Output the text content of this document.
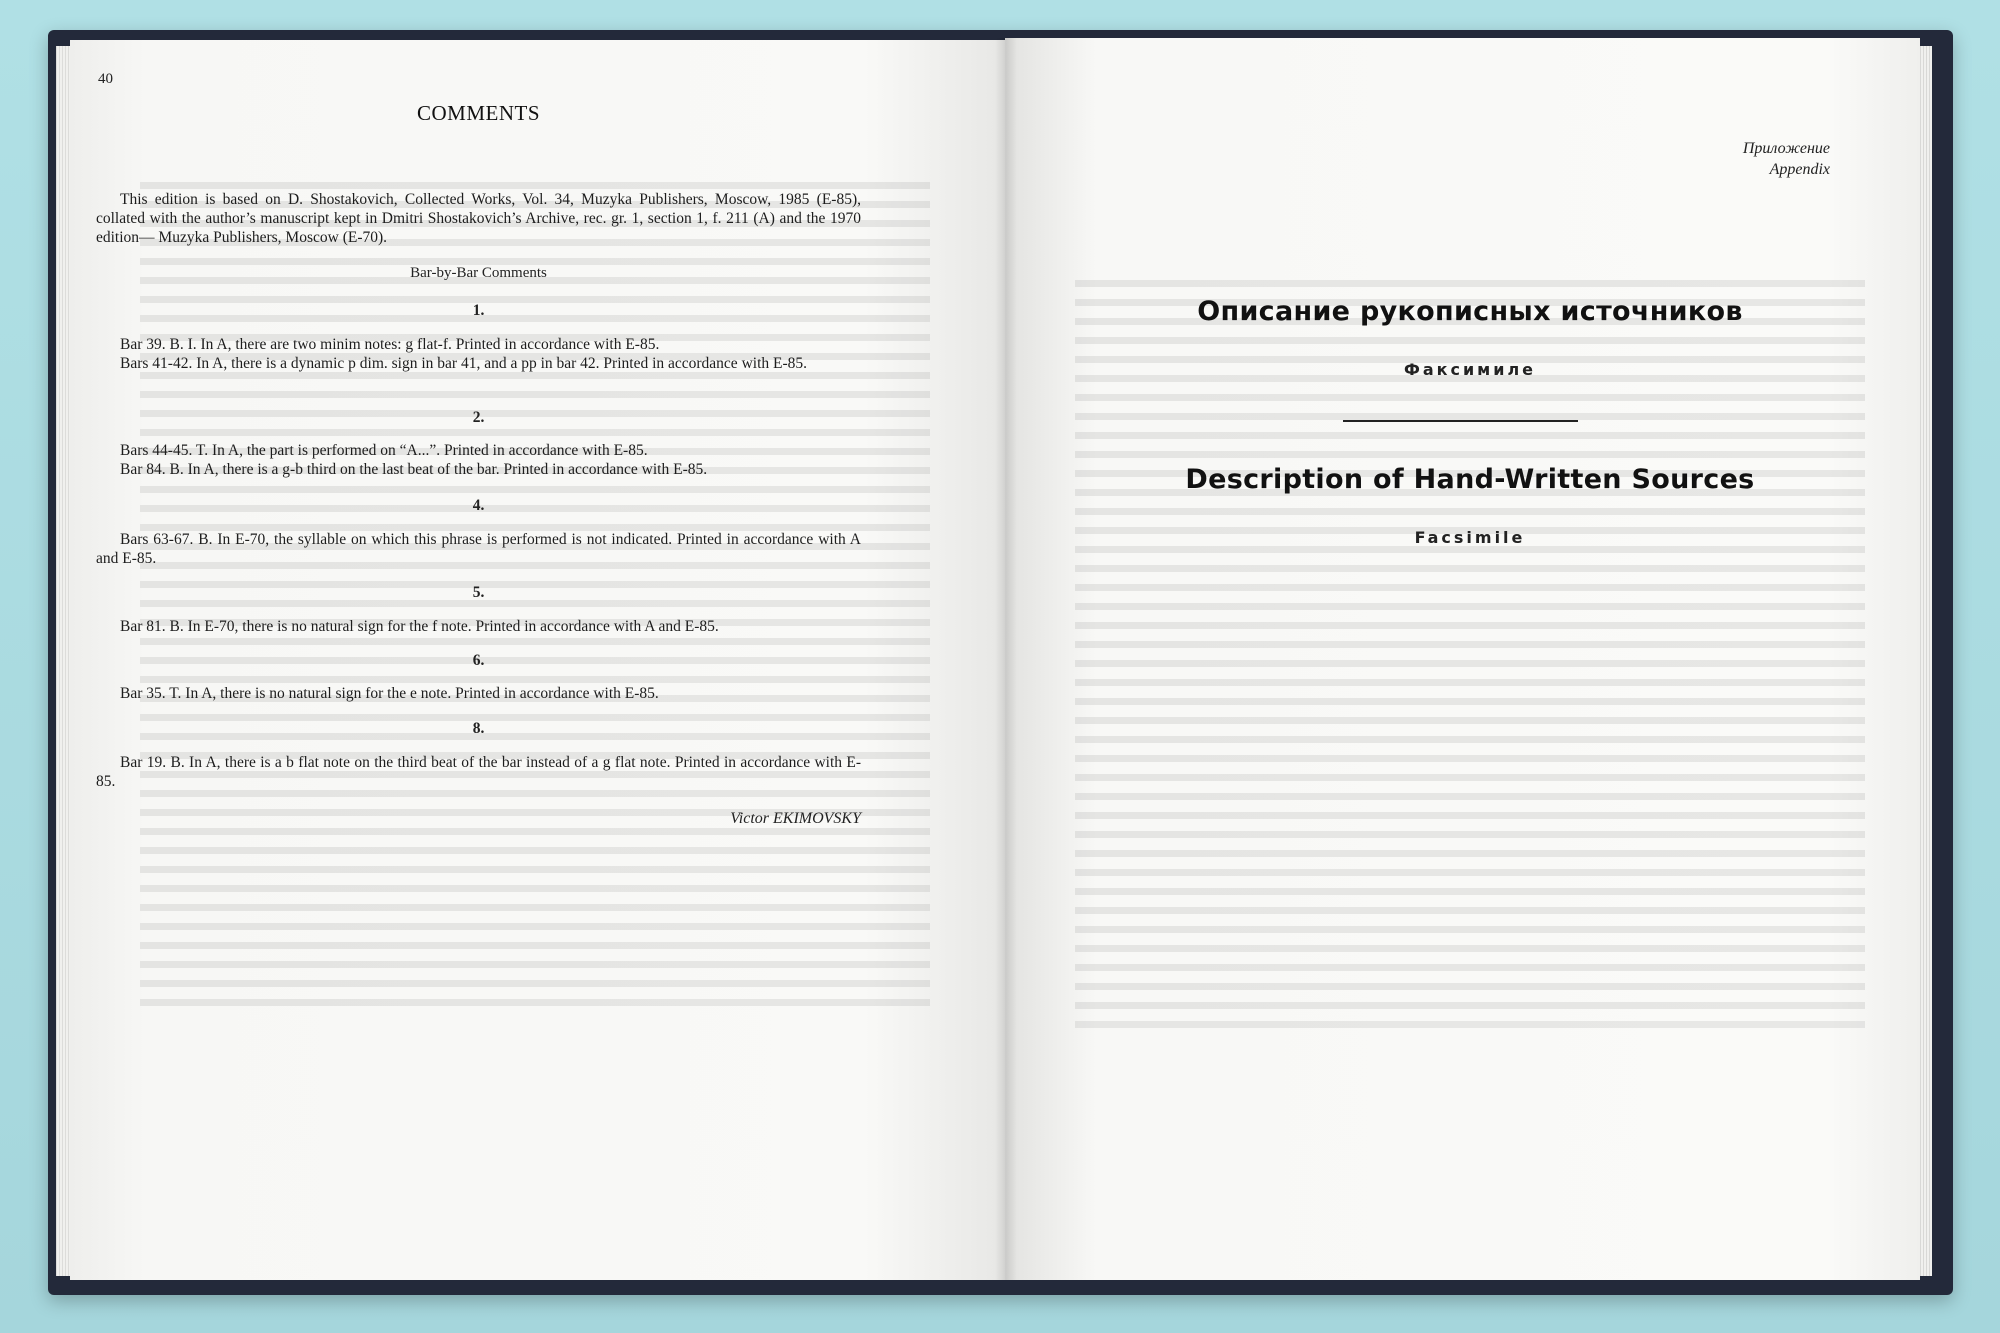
40
COMMENTS

This edition is based on D. Shostakovich, Collected Works, Vol. 34, Muzyka Publishers, Moscow, 1985 (E-85), collated with the author’s manuscript kept in Dmitri Shostakovich’s Archive, rec. gr. 1, section 1, f. 211 (A) and the 1970 edition— Muzyka Publishers, Moscow (E-70).

Bar-by-Bar Comments
1.

Bar 39. B. I. In A, there are two minim notes: g flat-f. Printed in accordance with E-85.

Bars 41-42. In A, there is a dynamic p dim. sign in bar 41, and a pp in bar 42. Printed in accordance with E-85.

2.

Bars 44-45. T. In A, the part is performed on “A...”. Printed in accordance with E-85.

Bar 84. B. In A, there is a g-b third on the last beat of the bar. Printed in accordance with E-85.

4.

Bars 63-67. B. In E-70, the syllable on which this phrase is performed is not indicated. Printed in accordance with A and E-85.

5.

Bar 81. B. In E-70, there is no natural sign for the f note. Printed in accordance with A and E-85.

6.

Bar 35. T. In A, there is no natural sign for the e note. Printed in accordance with E-85.

8.

Bar 19. B. In A, there is a b flat note on the third beat of the bar instead of a g flat note. Printed in accordance with E-85.

Victor EKIMOVSKY
Приложение
Appendix
Описание рукописных источников
Факсимиле
Description of Hand-Written Sources
Facsimile
